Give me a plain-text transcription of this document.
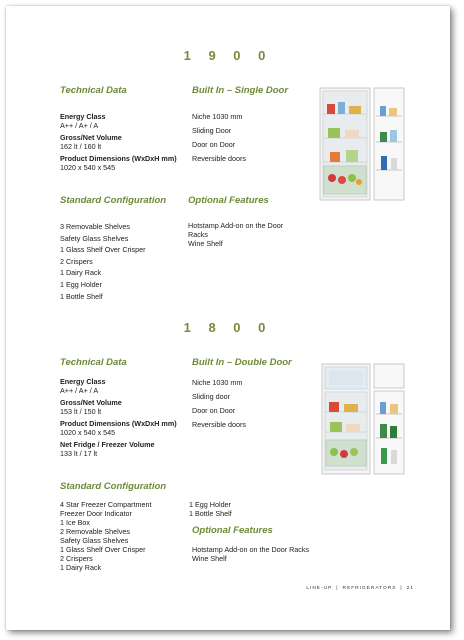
1 9 0 0
Technical Data
Energy Class
A++ / A+ / A
Gross/Net Volume
162 lt / 160 lt
Product Dimensions (WxDxH mm)
1020 x 540 x 545
Built In – Single Door
Niche 1030 mm
Sliding Door
Door on Door
Reversible doors
Standard Configuration
3 Removable Shelves
Safety Glass Shelves
1 Glass Shelf Over Crisper
2 Crispers
1 Dairy Rack
1 Egg Holder
1 Bottle Shelf
Optional Features
Hotstamp Add-on on the Door
Racks
Wine Shelf
1 8 0 0
Technical Data
Energy Class
A++ / A+ / A
Gross/Net Volume
153 lt / 150 lt
Product Dimensions (WxDxH mm)
1020 x 540 x 545
Net Fridge / Freezer Volume
133 lt / 17 lt
Built In – Double Door
Niche 1030 mm
Sliding door
Door on Door
Reversible doors
Standard Configuration
4 Star Freezer Compartment
Freezer Door Indicator
1 Ice Box
2 Removable Shelves
Safety Glass Shelves
1 Glass Shelf Over Crisper
2 Crispers
1 Dairy Rack
1 Egg Holder
1 Bottle Shelf
Optional Features
Hotstamp Add-on on the Door Racks
Wine Shelf
LINE-UP | REFRIGERATORS | 21
